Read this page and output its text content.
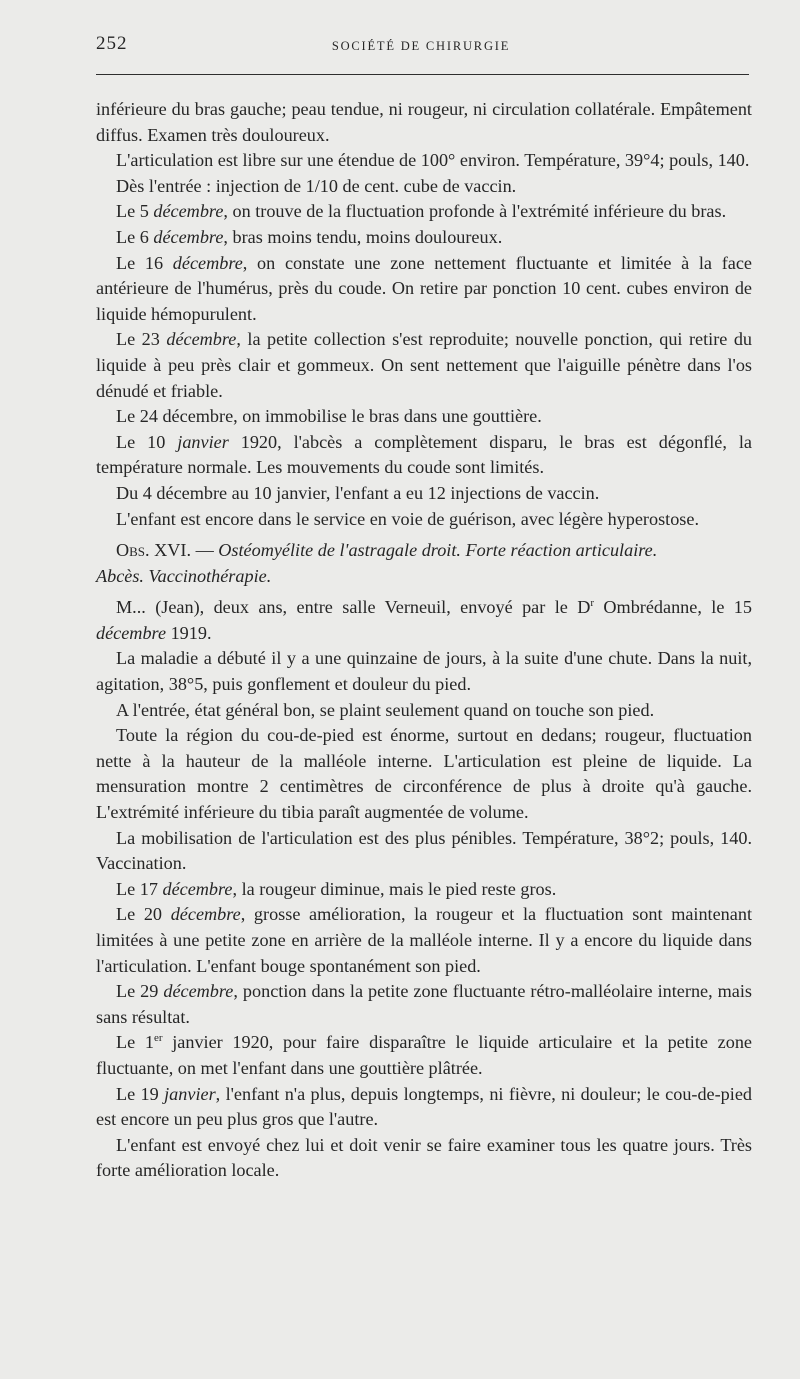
252	SOCIÉTÉ DE CHIRURGIE

inférieure du bras gauche; peau tendue, ni rougeur, ni circulation collatérale. Empâtement diffus. Examen très douloureux.

L'articulation est libre sur une étendue de 100° environ. Température, 39°4; pouls, 140.

Dès l'entrée : injection de 1/10 de cent. cube de vaccin.

Le 5 décembre, on trouve de la fluctuation profonde à l'extrémité inférieure du bras.

Le 6 décembre, bras moins tendu, moins douloureux.

Le 16 décembre, on constate une zone nettement fluctuante et limitée à la face antérieure de l'humérus, près du coude. On retire par ponction 10 cent. cubes environ de liquide hémopurulent.

Le 23 décembre, la petite collection s'est reproduite; nouvelle ponction, qui retire du liquide à peu près clair et gommeux. On sent nettement que l'aiguille pénètre dans l'os dénudé et friable.

Le 24 décembre, on immobilise le bras dans une gouttière.

Le 10 janvier 1920, l'abcès a complètement disparu, le bras est dégonflé, la température normale. Les mouvements du coude sont limités.

Du 4 décembre au 10 janvier, l'enfant a eu 12 injections de vaccin.

L'enfant est encore dans le service en voie de guérison, avec légère hyperostose.

Obs. XVI. — Ostéomyélite de l'astragale droit. Forte réaction articulaire.

Abcès. Vaccinothérapie.

M... (Jean), deux ans, entre salle Verneuil, envoyé par le $D^r$ Ombrédanne, le 15 décembre 1919.

La maladie a débuté il y a une quinzaine de jours, à la suite d'une chute. Dans la nuit, agitation, 38°5, puis gonflement et douleur du pied.

A l'entrée, état général bon, se plaint seulement quand on touche son pied.

Toute la région du cou-de-pied est énorme, surtout en dedans; rougeur, fluctuation nette à la hauteur de la malléole interne. L'articulation est pleine de liquide. La mensuration montre 2 centimètres de circonférence de plus à droite qu'à gauche. L'extrémité inférieure du tibia paraît augmentée de volume.

La mobilisation de l'articulation est des plus pénibles. Température, 38°2; pouls, 140. Vaccination.

Le 17 décembre, la rougeur diminue, mais le pied reste gros.

Le 20 décembre, grosse amélioration, la rougeur et la fluctuation sont maintenant limitées à une petite zone en arrière de la malléole interne. Il y a encore du liquide dans l'articulation. L'enfant bouge spontanément son pied.

Le 29 décembre, ponction dans la petite zone fluctuante rétro-malléolaire interne, mais sans résultat.

Le 1er janvier 1920, pour faire disparaître le liquide articulaire et la petite zone fluctuante, on met l'enfant dans une gouttière plâtrée.

Le 19 janvier, l'enfant n'a plus, depuis longtemps, ni fièvre, ni douleur; le cou-de-pied est encore un peu plus gros que l'autre.

L'enfant est envoyé chez lui et doit venir se faire examiner tous les quatre jours. Très forte amélioration locale.
